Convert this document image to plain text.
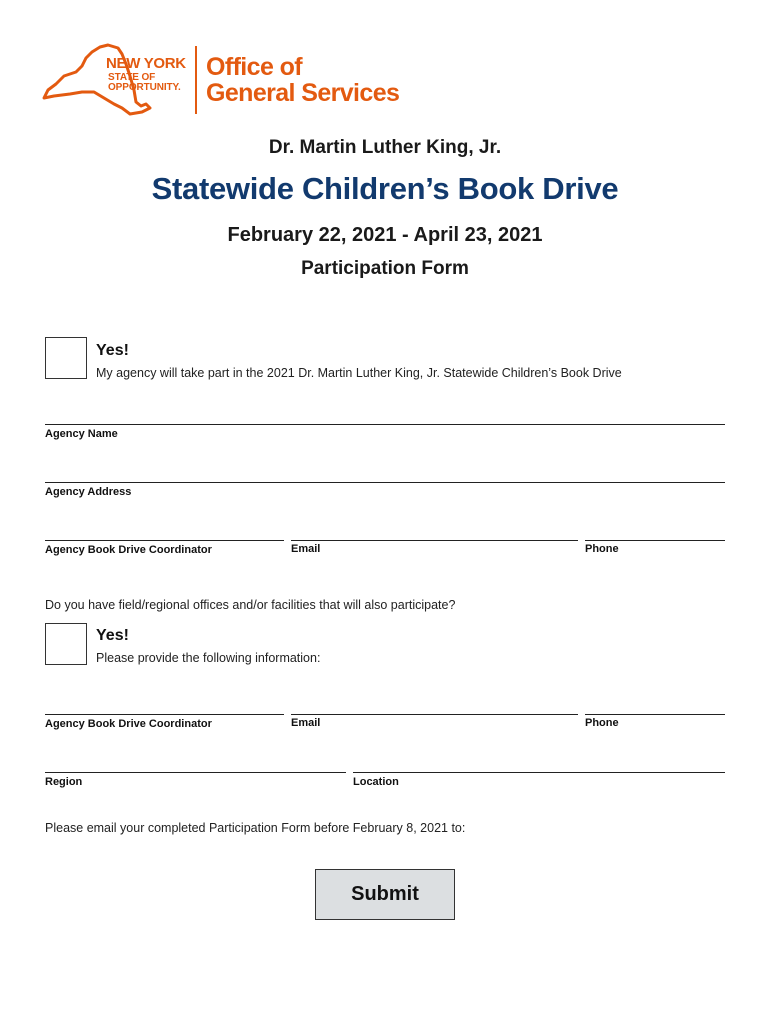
NEW YORK
STATE OF
OPPORTUNITY.
Office of
General Services
Dr. Martin Luther King, Jr.
Statewide Children’s Book Drive
February 22, 2021 - April 23, 2021
Participation Form
Yes!
My agency will take part in the 2021 Dr. Martin Luther King, Jr. Statewide Children’s Book Drive
Agency Name
Agency Address
Agency Book Drive Coordinator	Email	Phone
Do you have field/regional offices and/or facilities that will also participate?
Yes!
Please provide the following information:
Agency Book Drive Coordinator	Email	Phone
Region	Location
Please email your completed Participation Form before February 8, 2021 to:
Submit
